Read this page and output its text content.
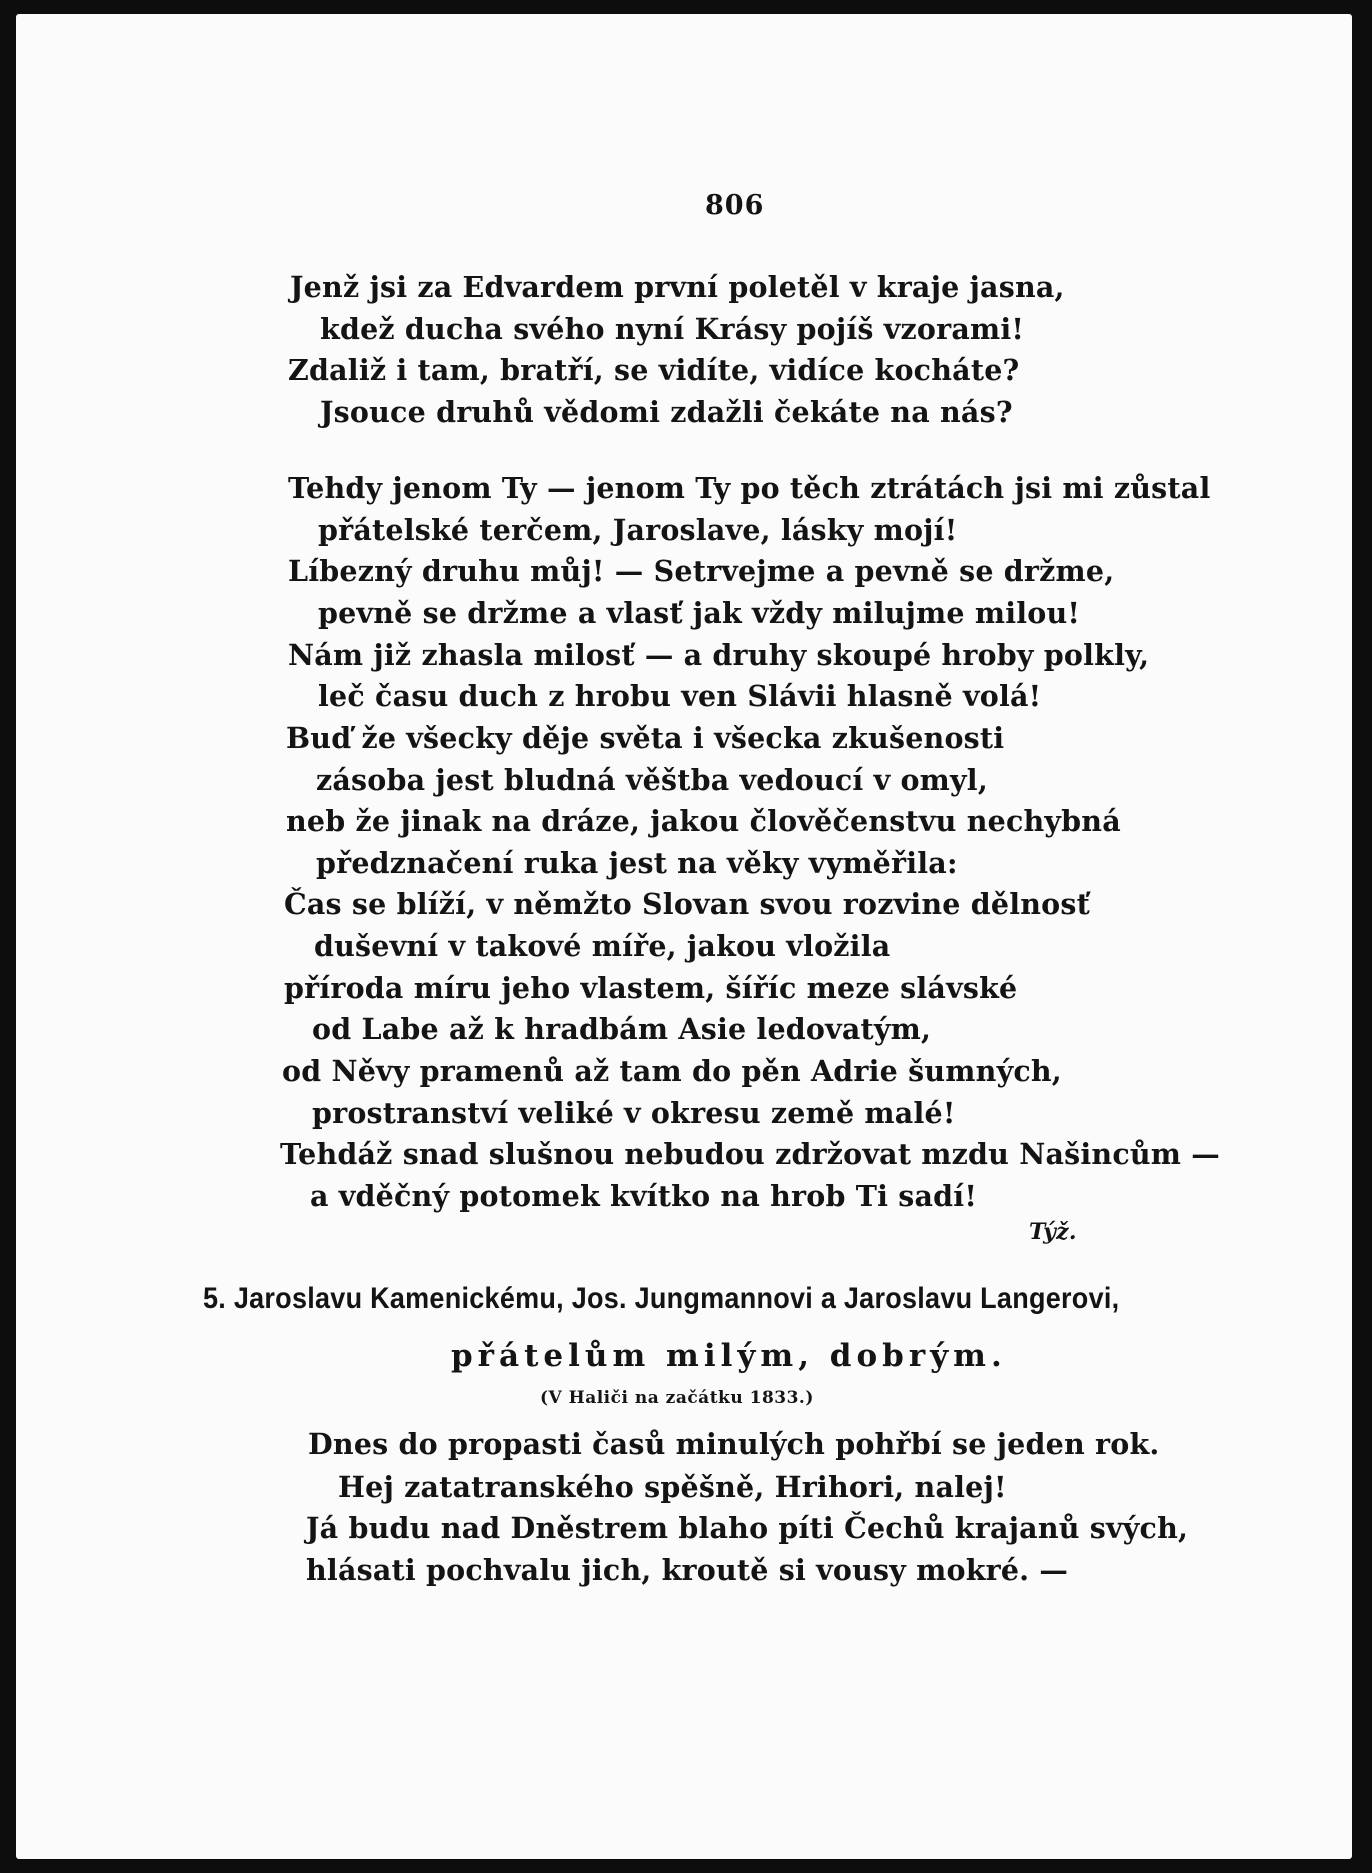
806
Jenž jsi za Edvardem první poletěl v kraje jasna,
kdež ducha svého nyní Krásy pojíš vzorami!
Zdaliž i tam, bratří, se vidíte, vidíce kocháte?
Jsouce druhů vědomi zdažli čekáte na nás?
Tehdy jenom Ty — jenom Ty po těch ztrátách jsi mi zůstal
přátelské terčem, Jaroslave, lásky mojí!
Líbezný druhu můj! — Setrvejme a pevně se držme,
pevně se držme a vlasť jak vždy milujme milou!
Nám již zhasla milosť — a druhy skoupé hroby polkly,
leč času duch z hrobu ven Slávii hlasně volá!
Buď že všecky děje světa i všecka zkušenosti
zásoba jest bludná věštba vedoucí v omyl,
neb že jinak na dráze, jakou člověčenstvu nechybná
předznačení ruka jest na věky vyměřila:
Čas se blíží, v němžto Slovan svou rozvine dělnosť
duševní v takové míře, jakou vložila
příroda míru jeho vlastem, šíříc meze slávské
od Labe až k hradbám Asie ledovatým,
od Něvy pramenů až tam do pěn Adrie šumných,
prostranství veliké v okresu země malé!
Tehdáž snad slušnou nebudou zdržovat mzdu Našincům —
a vděčný potomek kvítko na hrob Ti sadí!
Týž.
5. Jaroslavu Kamenickému, Jos. Jungmannovi a Jaroslavu Langerovi,
přátelům milým, dobrým.
(V Haliči na začátku 1833.)
Dnes do propasti časů minulých pohřbí se jeden rok.
Hej zatatranského spěšně, Hrihori, nalej!
Já budu nad Dněstrem blaho píti Čechů krajanů svých,
hlásati pochvalu jich, kroutě si vousy mokré. —
